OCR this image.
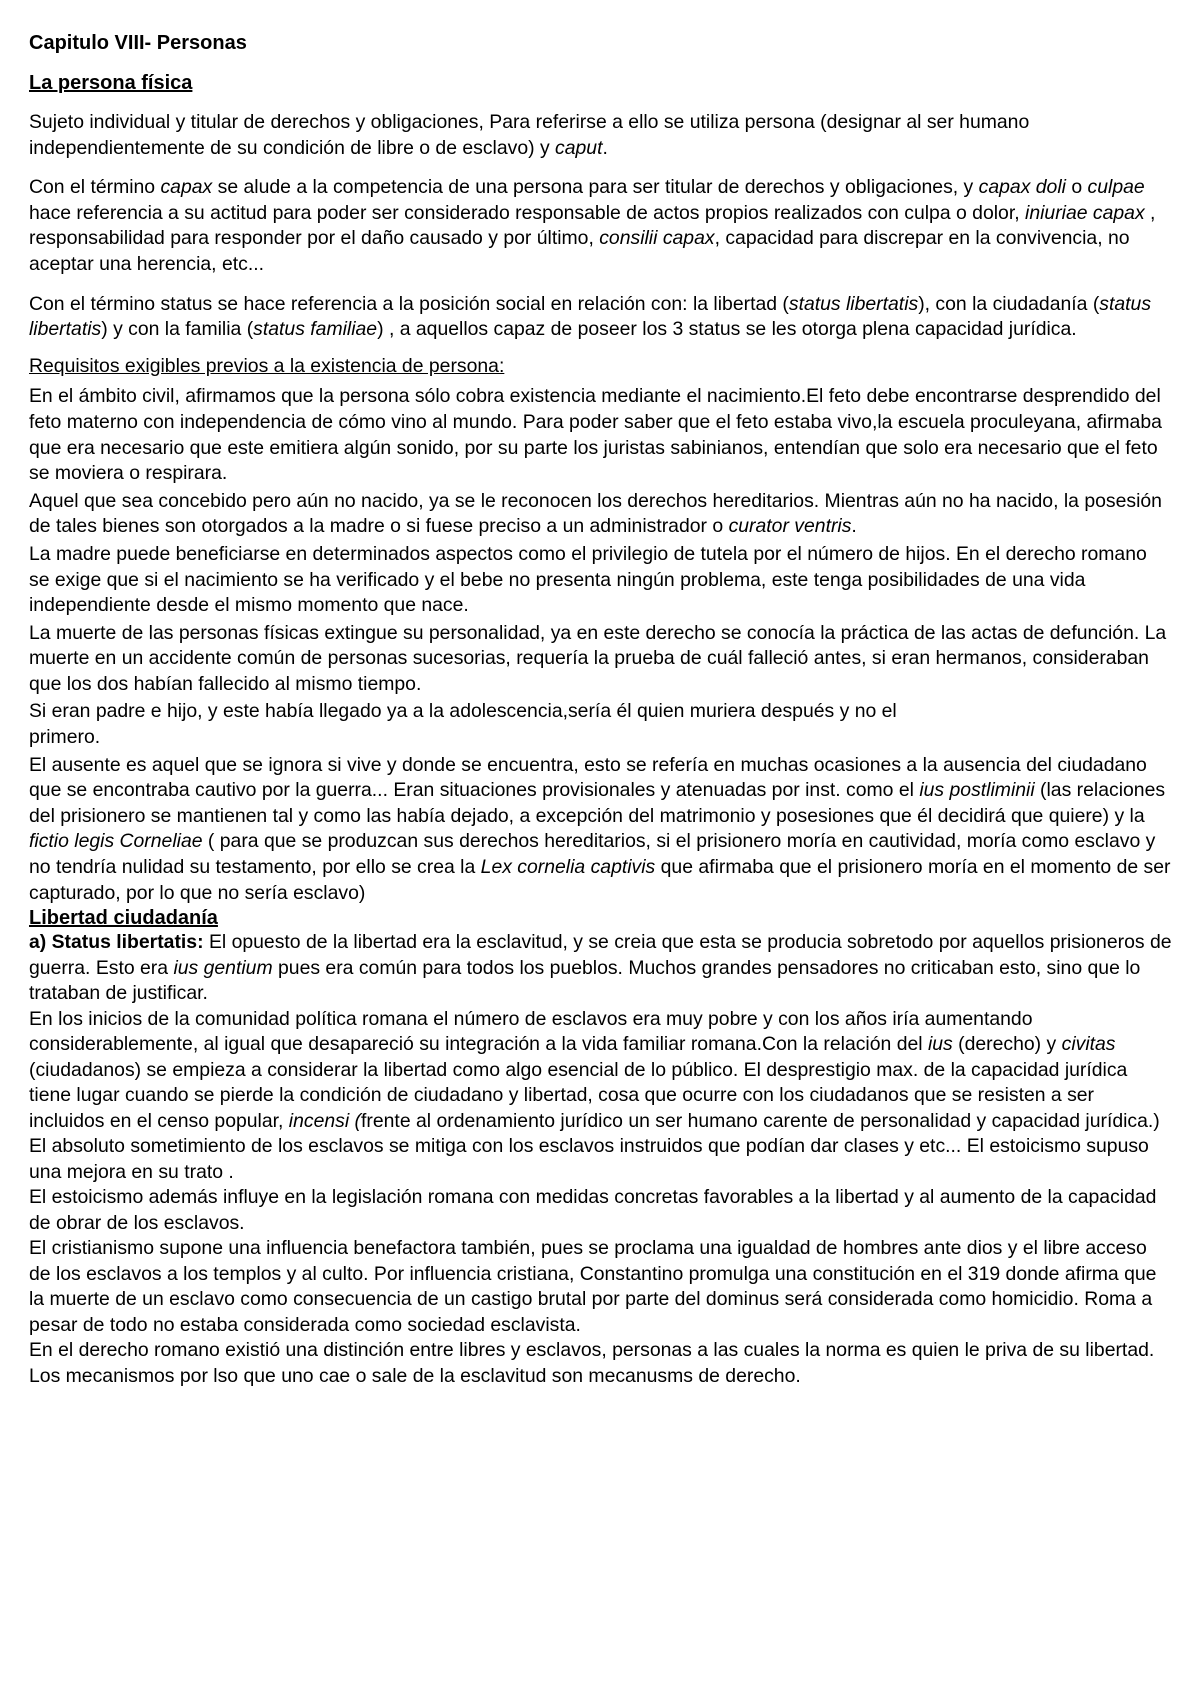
Capitulo VIII- Personas
La persona física

Sujeto individual y titular de derechos y obligaciones, Para referirse a ello se utiliza persona (designar al ser humano independientemente de su condición de libre o de esclavo) y caput.

Con el término capax se alude a la competencia de una persona para ser titular de derechos y obligaciones, y capax doli o culpae hace referencia a su actitud para poder ser considerado responsable de actos propios realizados con culpa o dolor, iniuriae capax , responsabilidad para responder por el daño causado y por último, consilii capax, capacidad para discrepar en la convivencia, no aceptar una herencia, etc...

Con el término status se hace referencia a la posición social en relación con: la libertad (status libertatis), con la ciudadanía (status libertatis) y con la familia (status familiae) , a aquellos capaz de poseer los 3 status se les otorga plena capacidad jurídica.

Requisitos exigibles previos a la existencia de persona:

En el ámbito civil, afirmamos que la persona sólo cobra existencia mediante el nacimiento.El feto debe encontrarse desprendido del feto materno con independencia de cómo vino al mundo. Para poder saber que el feto estaba vivo,la escuela proculeyana, afirmaba que era necesario que este emitiera algún sonido, por su parte los juristas sabinianos, entendían que solo era necesario que el feto se moviera o respirara.

Aquel que sea concebido pero aún no nacido, ya se le reconocen los derechos hereditarios. Mientras aún no ha nacido, la posesión de tales bienes son otorgados a la madre o si fuese preciso a un administrador o curator ventris.

La madre puede beneficiarse en determinados aspectos como el privilegio de tutela por el número de hijos. En el derecho romano se exige que si el nacimiento se ha verificado y el bebe no presenta ningún problema, este tenga posibilidades de una vida independiente desde el mismo momento que nace.

La muerte de las personas físicas extingue su personalidad, ya en este derecho se conocía la práctica de las actas de defunción. La muerte en un accidente común de personas sucesorias, requería la prueba de cuál falleció antes, si eran hermanos, consideraban que los dos habían fallecido al mismo tiempo.

Si eran padre e hijo, y este había llegado ya a la adolescencia,sería él quien muriera después y no el
primero.

El ausente es aquel que se ignora si vive y donde se encuentra, esto se refería en muchas ocasiones a la ausencia del ciudadano que se encontraba cautivo por la guerra... Eran situaciones provisionales y atenuadas por inst. como el ius postliminii (las relaciones del prisionero se mantienen tal y como las había dejado, a excepción del matrimonio y posesiones que él decidirá que quiere) y la fictio legis Corneliae ( para que se produzcan sus derechos hereditarios, si el prisionero moría en cautividad, moría como esclavo y no tendría nulidad su testamento, por ello se crea la Lex cornelia captivis que afirmaba que el prisionero moría en el momento de ser capturado, por lo que no sería esclavo)

Libertad ciudadanía

a) Status libertatis: El opuesto de la libertad era la esclavitud, y se creia que esta se producia sobretodo por aquellos prisioneros de guerra. Esto era ius gentium pues era común para todos los pueblos. Muchos grandes pensadores no criticaban esto, sino que lo trataban de justificar.

En los inicios de la comunidad política romana el número de esclavos era muy pobre y con los años iría aumentando considerablemente, al igual que desapareció su integración a la vida familiar romana.Con la relación del ius (derecho) y civitas (ciudadanos) se empieza a considerar la libertad como algo esencial de lo público. El desprestigio max. de la capacidad jurídica tiene lugar cuando se pierde la condición de ciudadano y libertad, cosa que ocurre con los ciudadanos que se resisten a ser incluidos en el censo popular, incensi (frente al ordenamiento jurídico un ser humano carente de personalidad y capacidad jurídica.)

El absoluto sometimiento de los esclavos se mitiga con los esclavos instruidos que podían dar clases y etc... El estoicismo supuso una mejora en su trato .

El estoicismo además influye en la legislación romana con medidas concretas favorables a la libertad y al aumento de la capacidad de obrar de los esclavos.

El cristianismo supone una influencia benefactora también, pues se proclama una igualdad de hombres ante dios y el libre acceso de los esclavos a los templos y al culto. Por influencia cristiana, Constantino promulga una constitución en el 319 donde afirma que la muerte de un esclavo como consecuencia de un castigo brutal por parte del dominus será considerada como homicidio. Roma a pesar de todo no estaba considerada como sociedad esclavista.

En el derecho romano existió una distinción entre libres y esclavos, personas a las cuales la norma es quien le priva de su libertad. Los mecanismos por lso que uno cae o sale de la esclavitud son mecanusms de derecho.
